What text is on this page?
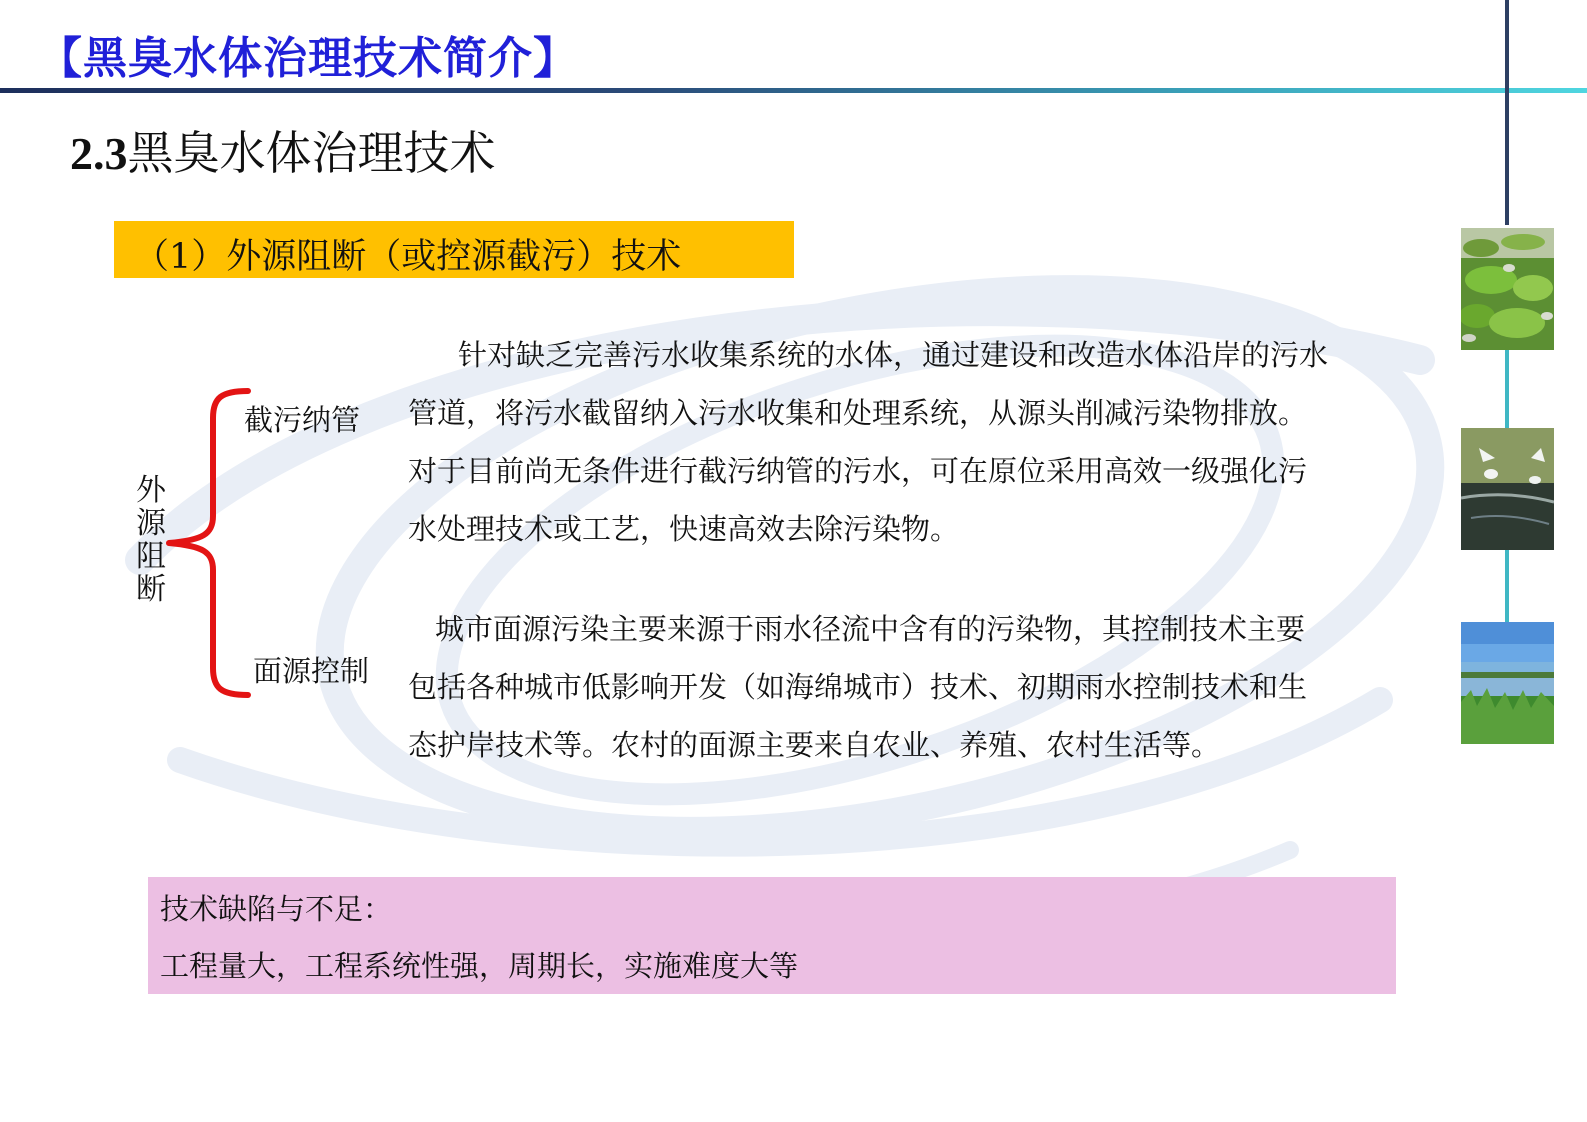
【黑臭水体治理技术简介】
2.3黑臭水体治理技术
（1）外源阻断（或控源截污）技术
外源阻断
截污纳管
面源控制

针对缺乏完善污水收集系统的水体，通过建设和改造水体沿岸的污水管道，将污水截留纳入污水收集和处理系统，从源头削减污染物排放。对于目前尚无条件进行截污纳管的污水，可在原位采用高效一级强化污水处理技术或工艺，快速高效去除污染物。

城市面源污染主要来源于雨水径流中含有的污染物，其控制技术主要包括各种城市低影响开发（如海绵城市）技术、初期雨水控制技术和生态护岸技术等。农村的面源主要来自农业、养殖、农村生活等。

技术缺陷与不足：
工程量大，工程系统性强，周期长，实施难度大等
